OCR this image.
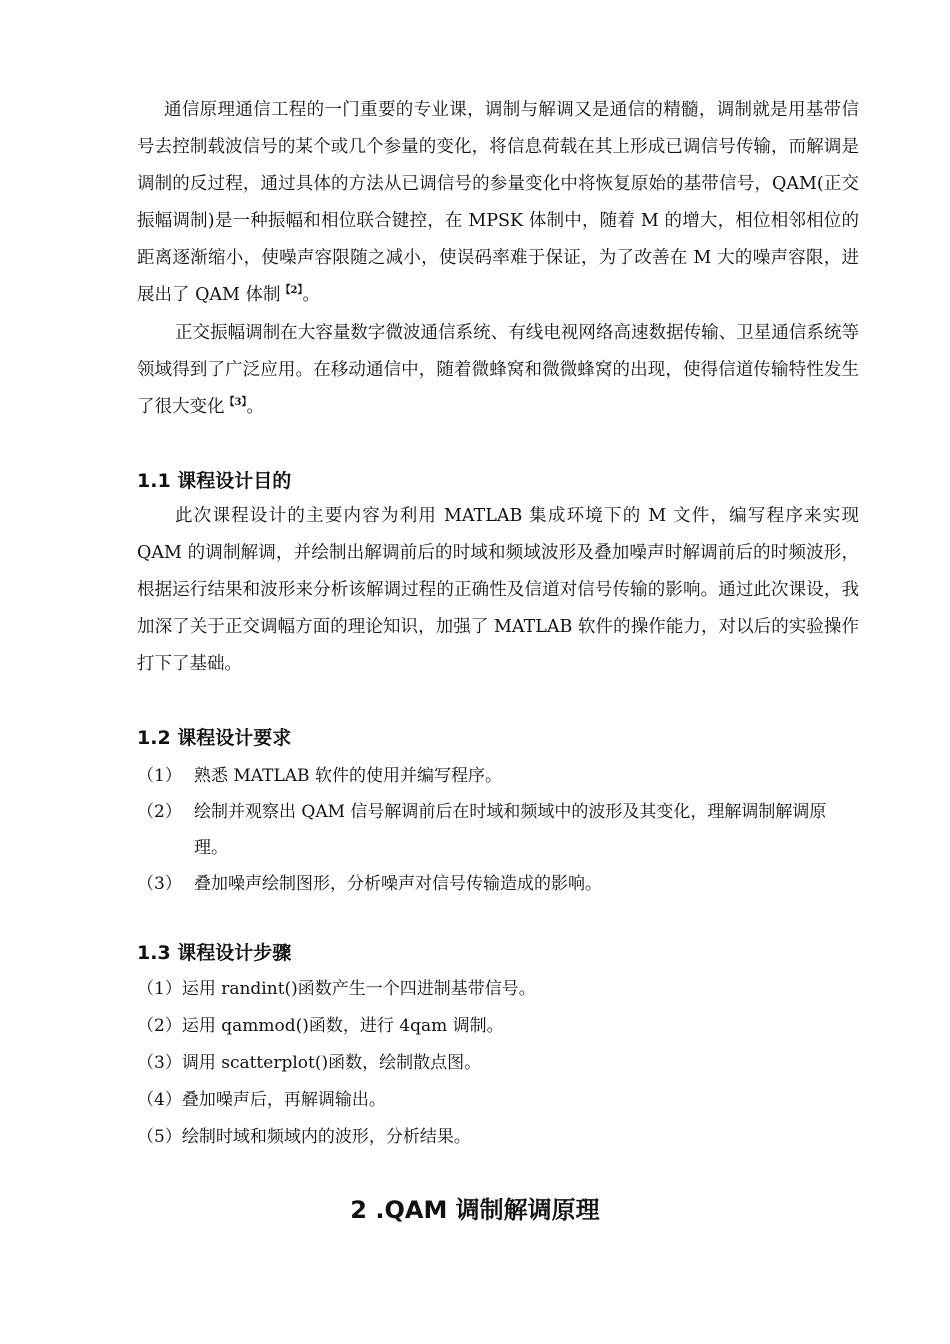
通信原理通信工程的一门重要的专业课，调制与解调又是通信的精髓，调制就是用基带信号去控制载波信号的某个或几个参量的变化，将信息荷载在其上形成已调信号传输，而解调是调制的反过程，通过具体的方法从已调信号的参量变化中将恢复原始的基带信号，QAM(正交振幅调制)是一种振幅和相位联合键控，在 MPSK 体制中，随着 M 的增大，相位相邻相位的距离逐渐缩小，使噪声容限随之减小，使误码率难于保证，为了改善在 M 大的噪声容限，进展出了 QAM 体制$^{【2】}$。

正交振幅调制在大容量数字微波通信系统、有线电视网络高速数据传输、卫星通信系统等领域得到了广泛应用。在移动通信中，随着微蜂窝和微微蜂窝的出现，使得信道传输特性发生了很大变化$^{【3】}$。

1.1 课程设计目的

此次课程设计的主要内容为利用 MATLAB 集成环境下的 M 文件，编写程序来实现 QAM 的调制解调，并绘制出解调前后的时域和频域波形及叠加噪声时解调前后的时频波形，根据运行结果和波形来分析该解调过程的正确性及信道对信号传输的影响。通过此次课设，我加深了关于正交调幅方面的理论知识，加强了 MATLAB 软件的操作能力，对以后的实验操作打下了基础。

1.2 课程设计要求
（1） 熟悉 MATLAB 软件的使用并编写程序。
（2） 绘制并观察出 QAM 信号解调前后在时域和频域中的波形及其变化，理解调制解调原理。
（3） 叠加噪声绘制图形，分析噪声对信号传输造成的影响。
1.3 课程设计步骤
（1）运用 randint()函数产生一个四进制基带信号。
（2）运用 qammod()函数，进行 4qam 调制。
（3）调用 scatterplot()函数，绘制散点图。
（4）叠加噪声后，再解调输出。
（5）绘制时域和频域内的波形，分析结果。
2 .QAM 调制解调原理
